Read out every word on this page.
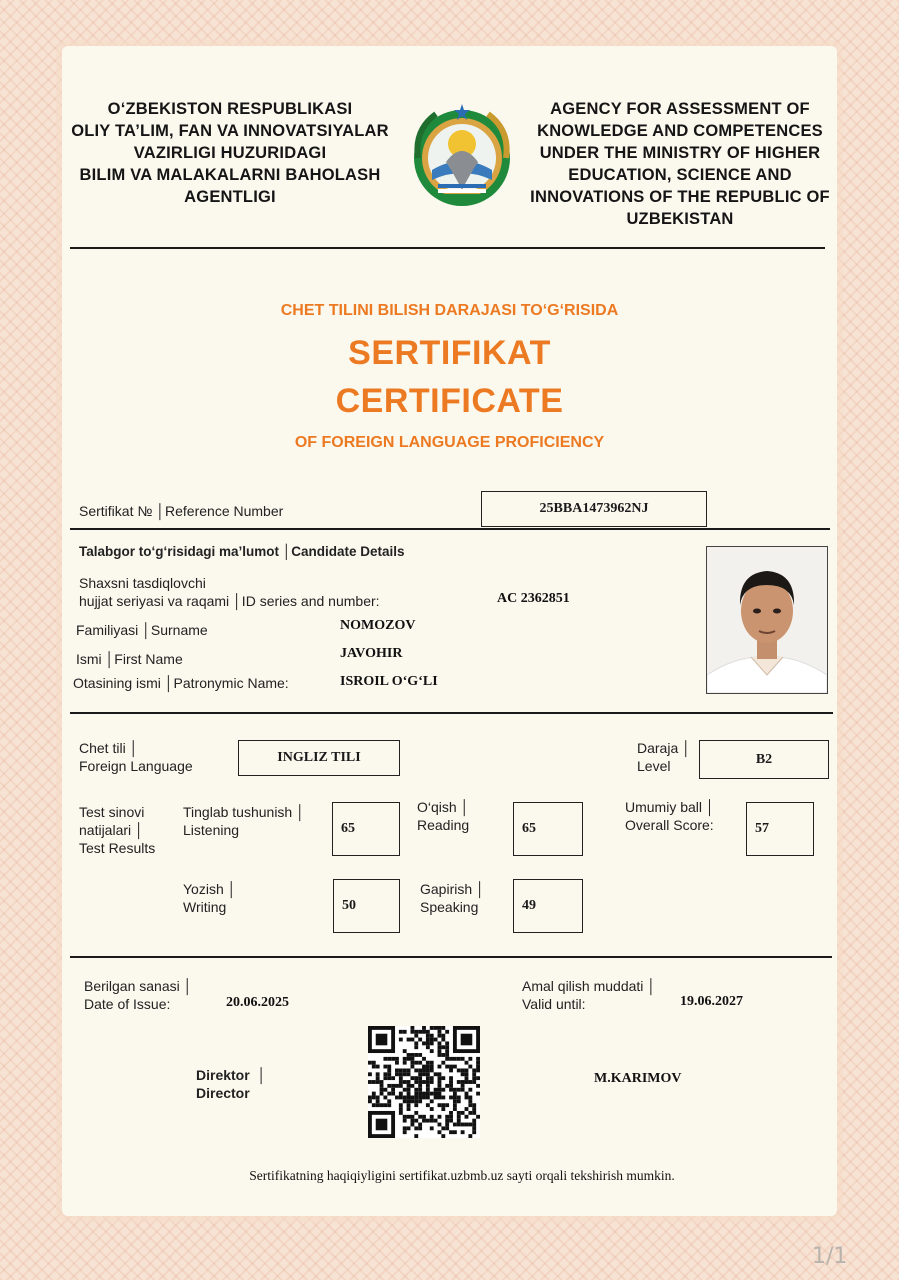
O‘ZBEKISTON RESPUBLIKASI
OLIY TA’LIM, FAN VA INNOVATSIYALAR
VAZIRLIGI HUZURIDAGI
BILIM VA MALAKALARNI BAHOLASH
AGENTLIGI
AGENCY FOR ASSESSMENT OF
KNOWLEDGE AND COMPETENCES
UNDER THE MINISTRY OF HIGHER
EDUCATION, SCIENCE AND
INNOVATIONS OF THE REPUBLIC OF
UZBEKISTAN
CHET TILINI BILISH DARAJASI TO‘G‘RISIDA
SERTIFIKAT
CERTIFICATE
OF FOREIGN LANGUAGE PROFICIENCY
Sertifikat № │Reference Number	25BBA1473962NJ
Talabgor to‘g‘risidagi ma’lumot │Candidate Details
Shaxsni tasdiqlovchi
hujjat seriyasi va raqami │ID series and number:	AC 2362851
Familiyasi │Surname	NOMOZOV
Ismi │First Name	JAVOHIR
Otasining ismi │Patronymic Name:	ISROIL O‘G‘LI
Chet tili │
Foreign Language
INGLIZ TILI
Daraja │
Level	B2
Test sinovi
natijalari │
Test Results
Tinglab tushunish │
Listening	65
O‘qish │
Reading	65
Umumiy ball │
Overall Score:	57
Yozish │
Writing	50
Gapirish │
Speaking	49
Berilgan sanasi │
Date of Issue:	20.06.2025
Amal qilish muddati │
Valid until:	19.06.2027
Direktor  │
Director
M.KARIMOV
Sertifikatning haqiqiyligini sertifikat.uzbmb.uz sayti orqali tekshirish mumkin.
1/1
